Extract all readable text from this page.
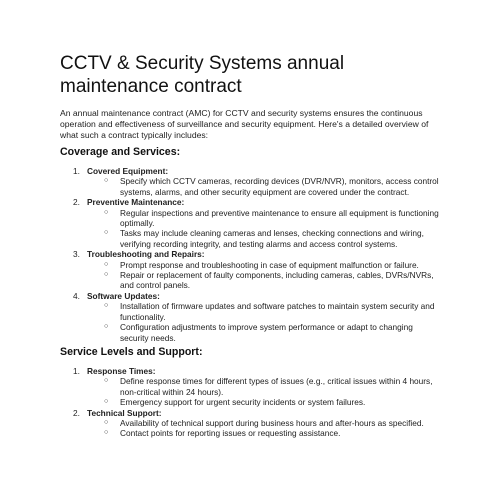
CCTV & Security Systems annual maintenance contract

An annual maintenance contract (AMC) for CCTV and security systems ensures the continuous operation and effectiveness of surveillance and security equipment. Here's a detailed overview of what such a contract typically includes:

Coverage and Services:
1. Covered Equipment:
○ Specify which CCTV cameras, recording devices (DVR/NVR), monitors, access control systems, alarms, and other security equipment are covered under the contract.
2. Preventive Maintenance:
○ Regular inspections and preventive maintenance to ensure all equipment is functioning optimally.
○ Tasks may include cleaning cameras and lenses, checking connections and wiring, verifying recording integrity, and testing alarms and access control systems.
3. Troubleshooting and Repairs:
○ Prompt response and troubleshooting in case of equipment malfunction or failure.
○ Repair or replacement of faulty components, including cameras, cables, DVRs/NVRs, and control panels.
4. Software Updates:
○ Installation of firmware updates and software patches to maintain system security and functionality.
○ Configuration adjustments to improve system performance or adapt to changing security needs.
Service Levels and Support:
1. Response Times:
○ Define response times for different types of issues (e.g., critical issues within 4 hours, non-critical within 24 hours).
○ Emergency support for urgent security incidents or system failures.
2. Technical Support:
○ Availability of technical support during business hours and after-hours as specified.
○ Contact points for reporting issues or requesting assistance.
